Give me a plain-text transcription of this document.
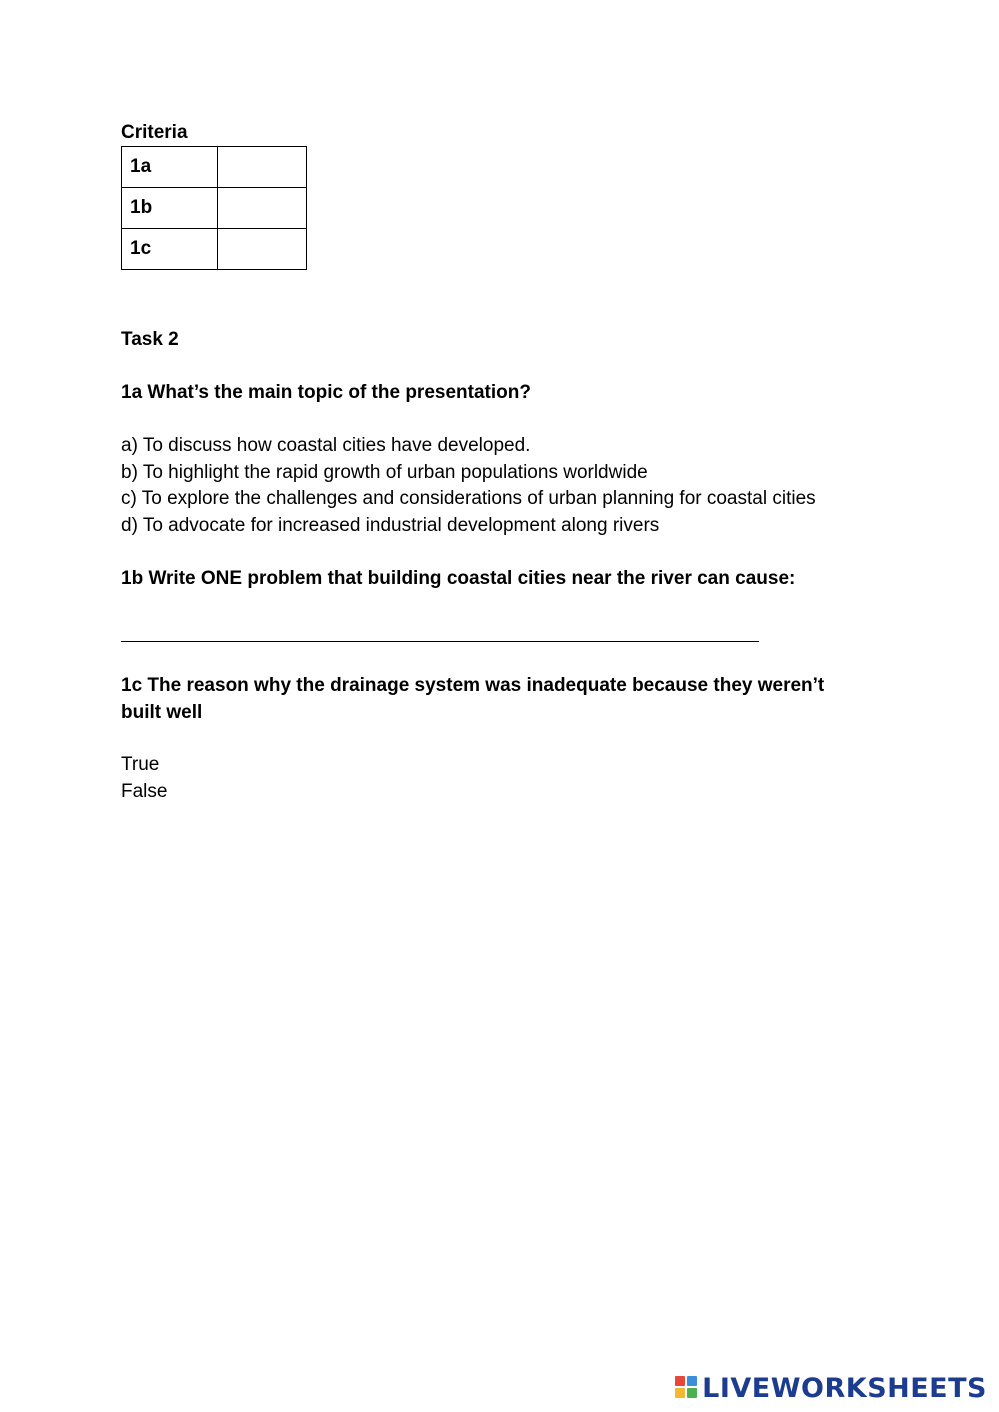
Criteria
1a	
1b	
1c	
Task 2
1a What’s the main topic of the presentation?
a) To discuss how coastal cities have developed.
b) To highlight the rapid growth of urban populations worldwide
c) To explore the challenges and considerations of urban planning for coastal cities
d) To advocate for increased industrial development along rivers
1b Write ONE problem that building coastal cities near the river can cause:
1c The reason why the drainage system was inadequate because they weren’t
built well
True
False
LIVEWORKSHEETS
